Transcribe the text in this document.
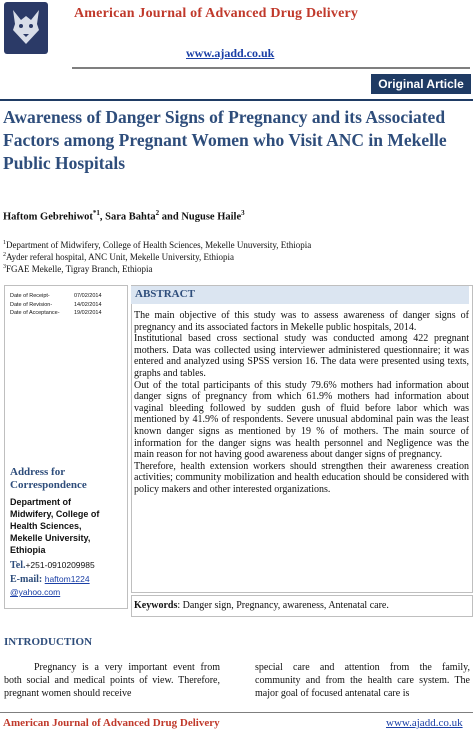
American Journal of Advanced Drug Delivery
www.ajadd.co.uk
Original Article
Awareness of Danger Signs of Pregnancy and its Associated Factors among Pregnant Women who Visit ANC in Mekelle Public Hospitals
Haftom Gebrehiwot$^{*1}$, Sara Bahta$^2$ and Nuguse Haile$^3$
$^1$Department of Midwifery, College of Health Sciences, Mekelle Unuversity, Ethiopia
$^2$Ayder referal hospital, ANC Unit, Mekelle University, Ethiopia
$^3$FGAE Mekelle, Tigray Branch, Ethiopia
Date of Receipt-	07/02/2014
Date of Revision-	14/02/2014
Date of Acceptance-	19/02/2014
Address for
Correspondence
Department of
Midwifery, College of
Health Sciences,
Mekelle University,
Ethiopia
Tel.+251-0910209985
E-mail: haftom1224
@yahoo.com
ABSTRACT

The main objective of this study was to assess awareness of danger signs of pregnancy and its associated factors in Mekelle public hospitals, 2014.

Institutional based cross sectional study was conducted among 422 pregnant mothers. Data was collected using interviewer administered questionnaire; it was entered and analyzed using SPSS version 16. The data were presented using texts, graphs and tables.

Out of the total participants of this study 79.6% mothers had information about danger signs of pregnancy from which 61.9% mothers had information about vaginal bleeding followed by sudden gush of fluid before labor which was mentioned by 41.9% of respondents. Severe unusual abdominal pain was the least known danger signs as mentioned by 19 % of mothers. The main source of information for the danger signs was health personnel and Negligence was the main reason for not having good awareness about danger signs of pregnancy.

Therefore, health extension workers should strengthen their awareness creation activities; community mobilization and health education should be considered with policy makers and other interested organizations.

Keywords: Danger sign, Pregnancy, awareness, Antenatal care.
INTRODUCTION

Pregnancy is a very important event from both social and medical points of view. Therefore, pregnant women should receive

special care and attention from the family, community and from the health care system. The major goal of focused antenatal care is

American Journal of Advanced Drug Delivery	www.ajadd.co.uk
